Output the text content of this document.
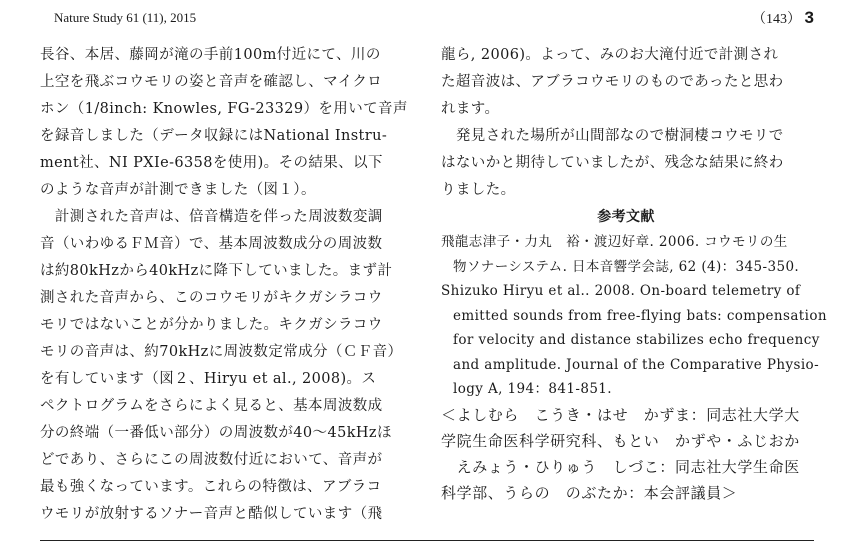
Nature Study 61 (11), 2015	（143） 3
長谷、本居、藤岡が滝の手前100m付近にて、川の
上空を飛ぶコウモリの姿と音声を確認し、マイクロ
ホン（1/8inch: Knowles, FG-23329）を用いて音声
を録音しました（データ収録にはNational Instru-
ment社、NI PXIe-6358を使用)。その結果、以下
のような音声が計測できました（図１）。
　計測された音声は、倍音構造を伴った周波数変調
音（いわゆるＦＭ音）で、基本周波数成分の周波数
は約80kHzから40kHzに降下していました。まず計
測された音声から、このコウモリがキクガシラコウ
モリではないことが分かりました。キクガシラコウ
モリの音声は、約70kHzに周波数定常成分（ＣＦ音）
を有しています（図２、Hiryu et al., 2008)。ス
ペクトログラムをさらによく見ると、基本周波数成
分の終端（一番低い部分）の周波数が40～45kHzほ
どであり、さらにこの周波数付近において、音声が
最も強くなっています。これらの特徴は、アブラコ
ウモリが放射するソナー音声と酷似しています（飛
龍ら, 2006)。よって、みのお大滝付近で計測され
た超音波は、アブラコウモリのものであったと思わ
れます。
　発見された場所が山間部なので樹洞棲コウモリで
はないかと期待していましたが、残念な結果に終わ
りました。
参考文献
飛龍志津子・力丸　裕・渡辺好章. 2006. コウモリの生
物ソナーシステム. 日本音響学会誌, 62 (4)：345-350.
Shizuko Hiryu et al.. 2008. On-board telemetry of
emitted sounds from free-flying bats: compensation
for velocity and distance stabilizes echo frequency
and amplitude. Journal of the Comparative Physio-
logy A, 194：841-851.
＜よしむら　こうき・はせ　かずま：同志社大学大
学院生命医科学研究科、もとい　かずや・ふじおか
　えみょう・ひりゅう　しづこ：同志社大学生命医
科学部、うらの　のぶたか：本会評議員＞
